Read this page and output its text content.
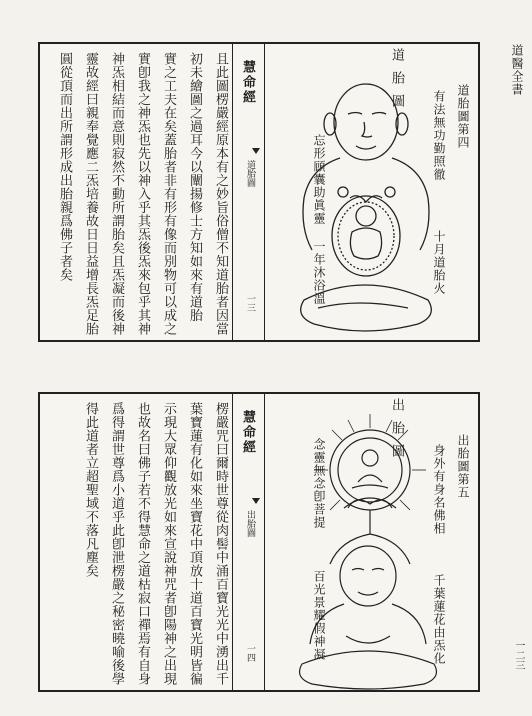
道醫全書
一二三
道胎圖第四
有法無功勤照徹
十月道胎火
道胎圖
忘形頋囊助眞靈
一年沐浴溫
慧命經
道胎圖
一三
且此圖楞嚴經原本有之妙旨俗僧不知道胎者因當
初未繪圖之過耳今以闡揚修士方知如來有道胎
實之工夫在矣蓋胎者非有形有像而別物可以成之
實卽我之神炁也先以神入乎其炁後炁來包乎其神
神炁相結而意則寂然不動所謂胎矣且炁凝而後神
靈故經曰親奉覺應二炁培養故日日益增長炁足胎
圓從頂而出所謂形成出胎親爲佛子者矣
出胎圖第五
身外有身名佛相
千葉蓮花由炁化
出胎圖
念靈無念卽菩提
百光景耀假神凝
慧命經
出胎圖
一四
楞嚴咒曰爾時世尊從肉髻中涌百寶光光中湧出千
葉寶蓮有化如來坐寶花中頂放十道百寶光明皆徧
示現大眾仰觀放光如來宣說神咒者卽陽神之出現
也故名曰佛子若不得慧命之道枯寂口禪焉有自身
爲得謂世尊爲小道乎此卽泄楞嚴之秘密曉喻後學
得此道者立超聖域不落凡塵矣
